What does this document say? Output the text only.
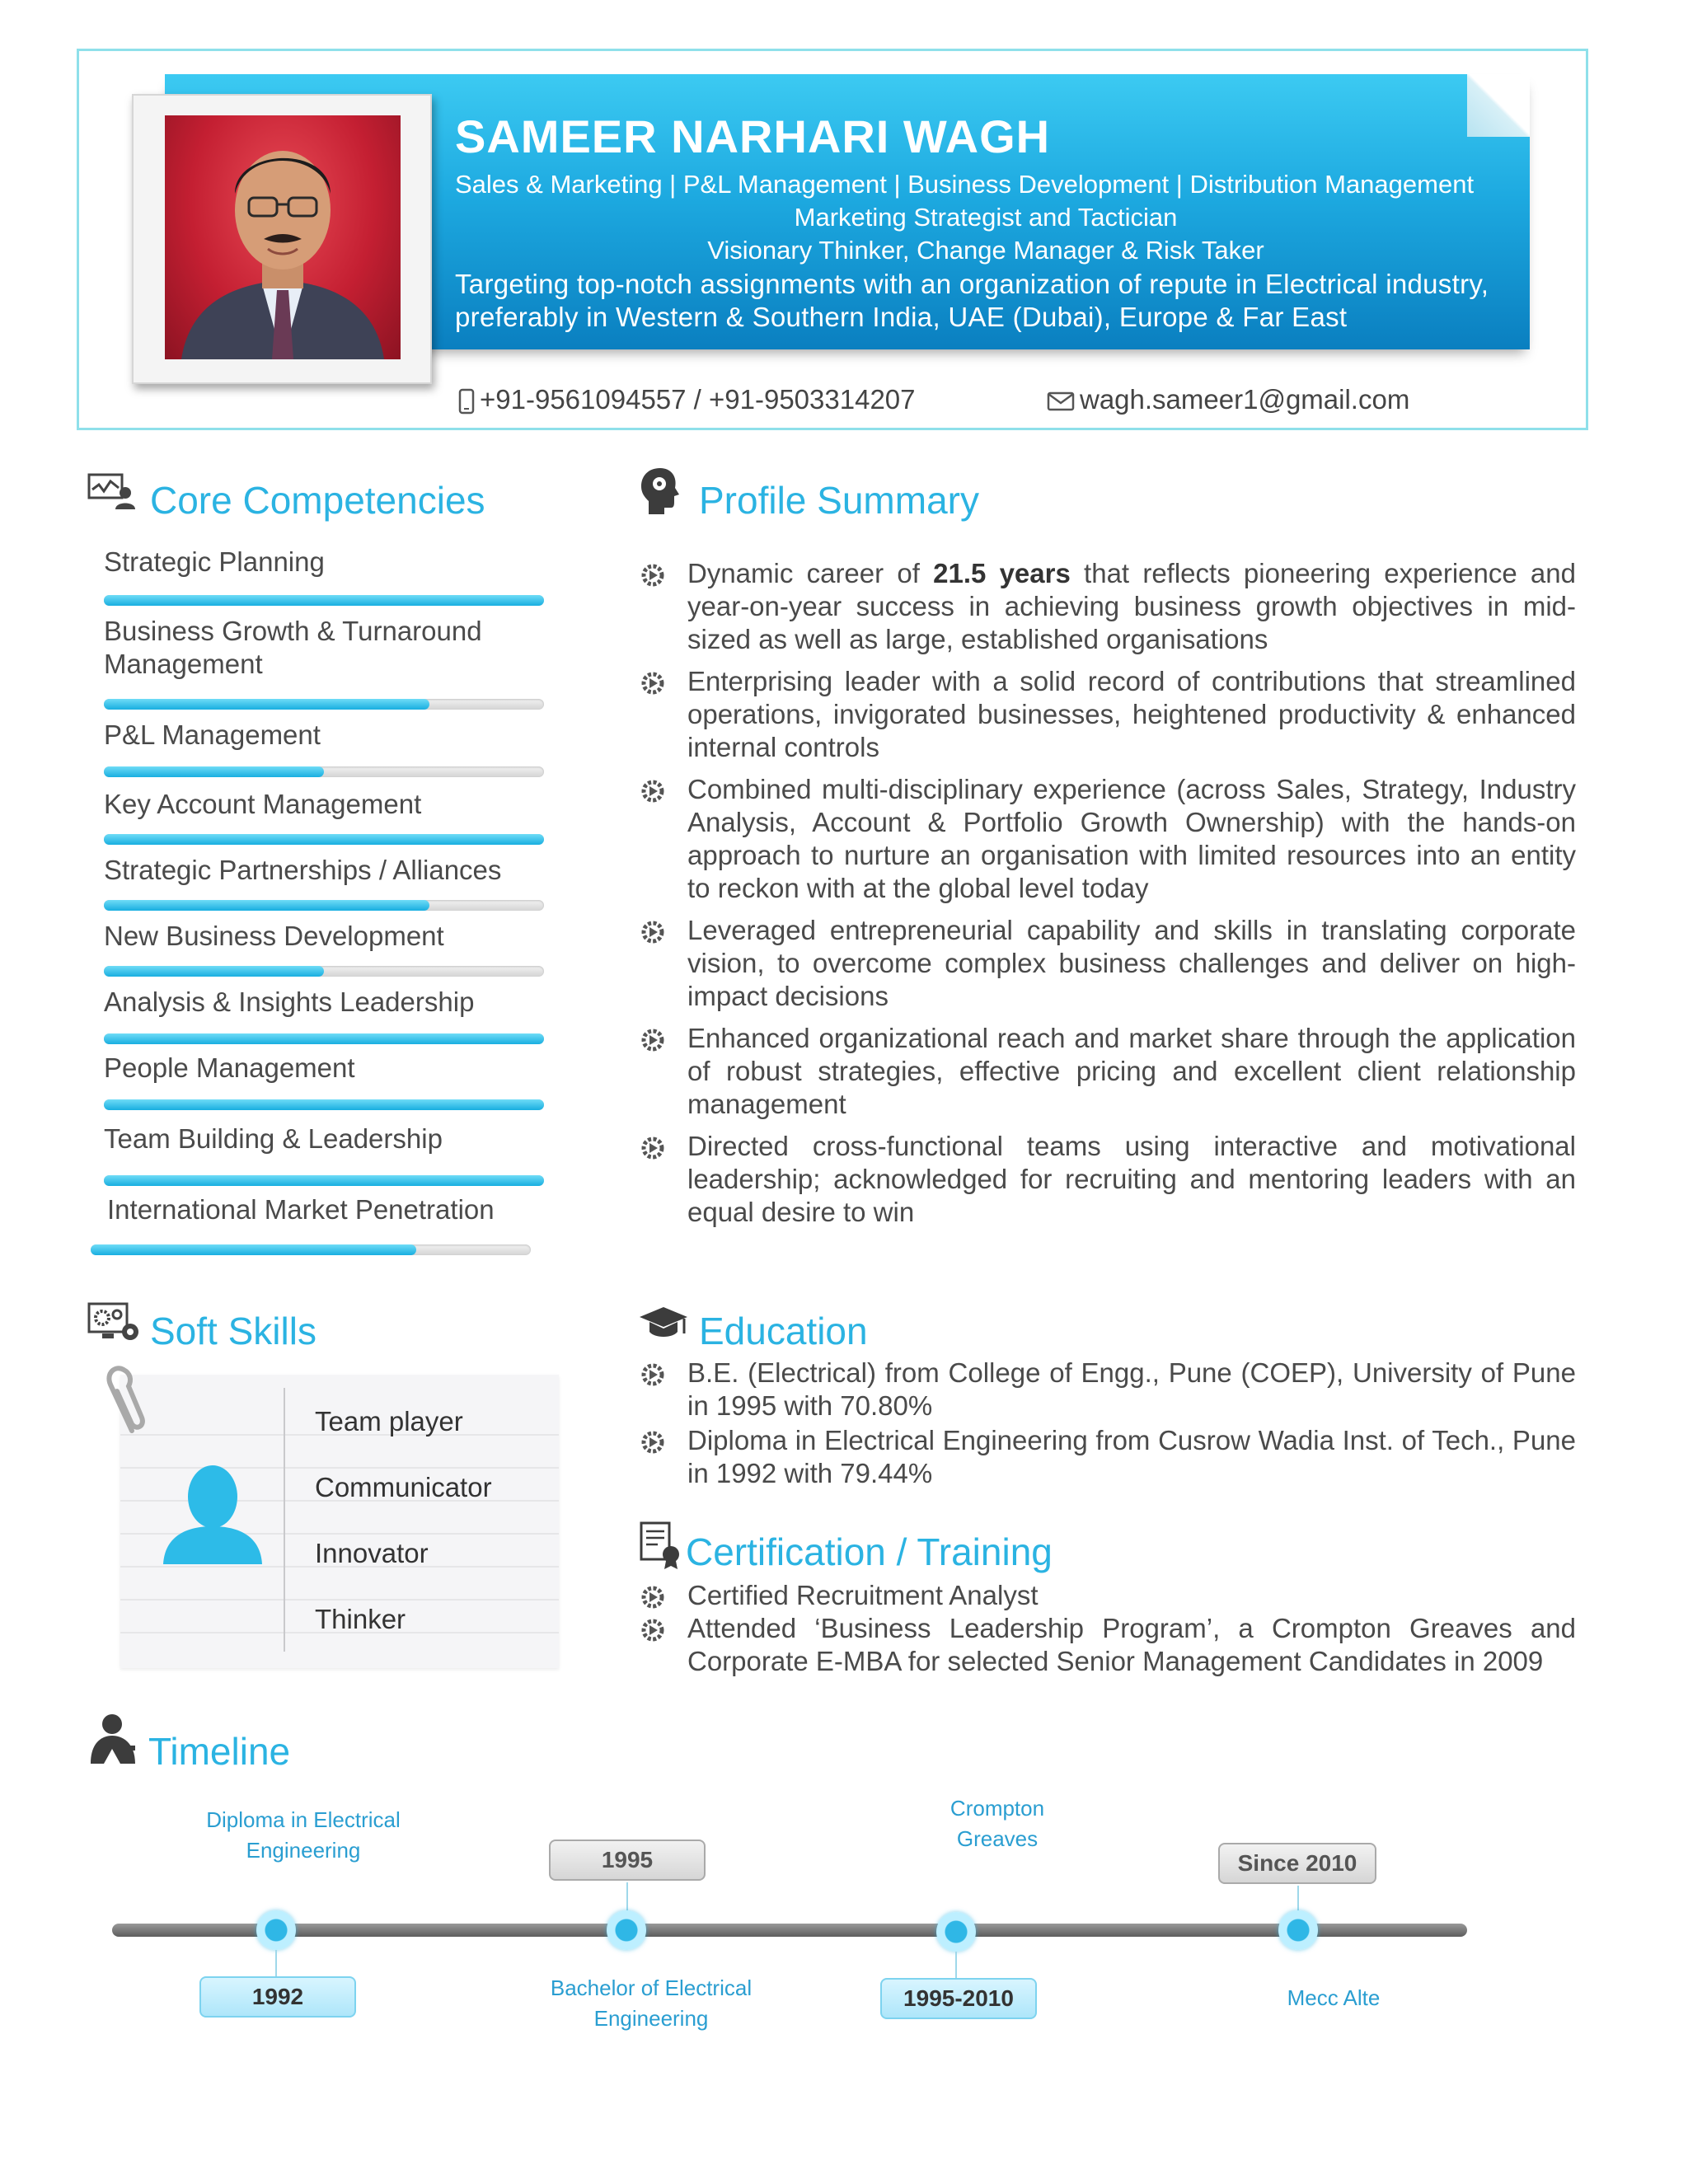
SAMEER NARHARI WAGH
Sales & Marketing | P&L Management | Business Development | Distribution Management
Marketing Strategist and Tactician
Visionary Thinker, Change Manager & Risk Taker
Targeting top-notch assignments with an organization of repute in Electrical industry,
preferably in Western & Southern India, UAE (Dubai), Europe & Far East
+91-9561094557 / +91-9503314207	wagh.sameer1@gmail.com
Core Competencies
Strategic Planning
Business Growth & Turnaround
Management
P&L Management
Key Account Management
Strategic Partnerships / Alliances
New Business Development
Analysis & Insights Leadership
People Management
Team Building & Leadership
International Market Penetration
Profile Summary
Dynamic career of 21.5 years that reflects pioneering experience and year-on-year success in achieving business growth objectives in mid-sized as well as large, established organisations
Enterprising leader with a solid record of contributions that streamlined operations, invigorated businesses, heightened productivity & enhanced internal controls
Combined multi-disciplinary experience (across Sales, Strategy, Industry Analysis, Account & Portfolio Growth Ownership) with the hands-on approach to nurture an organisation with limited resources into an entity to reckon with at the global level today
Leveraged entrepreneurial capability and skills in translating corporate vision, to overcome complex business challenges and deliver on high-impact decisions
Enhanced organizational reach and market share through the application of robust strategies, effective pricing and excellent client relationship management
Directed cross-functional teams using interactive and motivational leadership; acknowledged for recruiting and mentoring leaders with an equal desire to win
Soft Skills
Team player
Communicator
Innovator
Thinker
Education
B.E. (Electrical) from College of Engg., Pune (COEP), University of Pune in 1995 with 70.80%
Diploma in Electrical Engineering from Cusrow Wadia Inst. of Tech., Pune in 1992 with 79.44%
Certification / Training
Certified Recruitment Analyst
Attended ‘Business Leadership Program’, a Crompton Greaves and Corporate E-MBA for selected Senior Management Candidates in 2009
Timeline
Diploma in Electrical Engineering
1992
1995
Bachelor of Electrical Engineering
Crompton Greaves
1995-2010
Since 2010
Mecc Alte
